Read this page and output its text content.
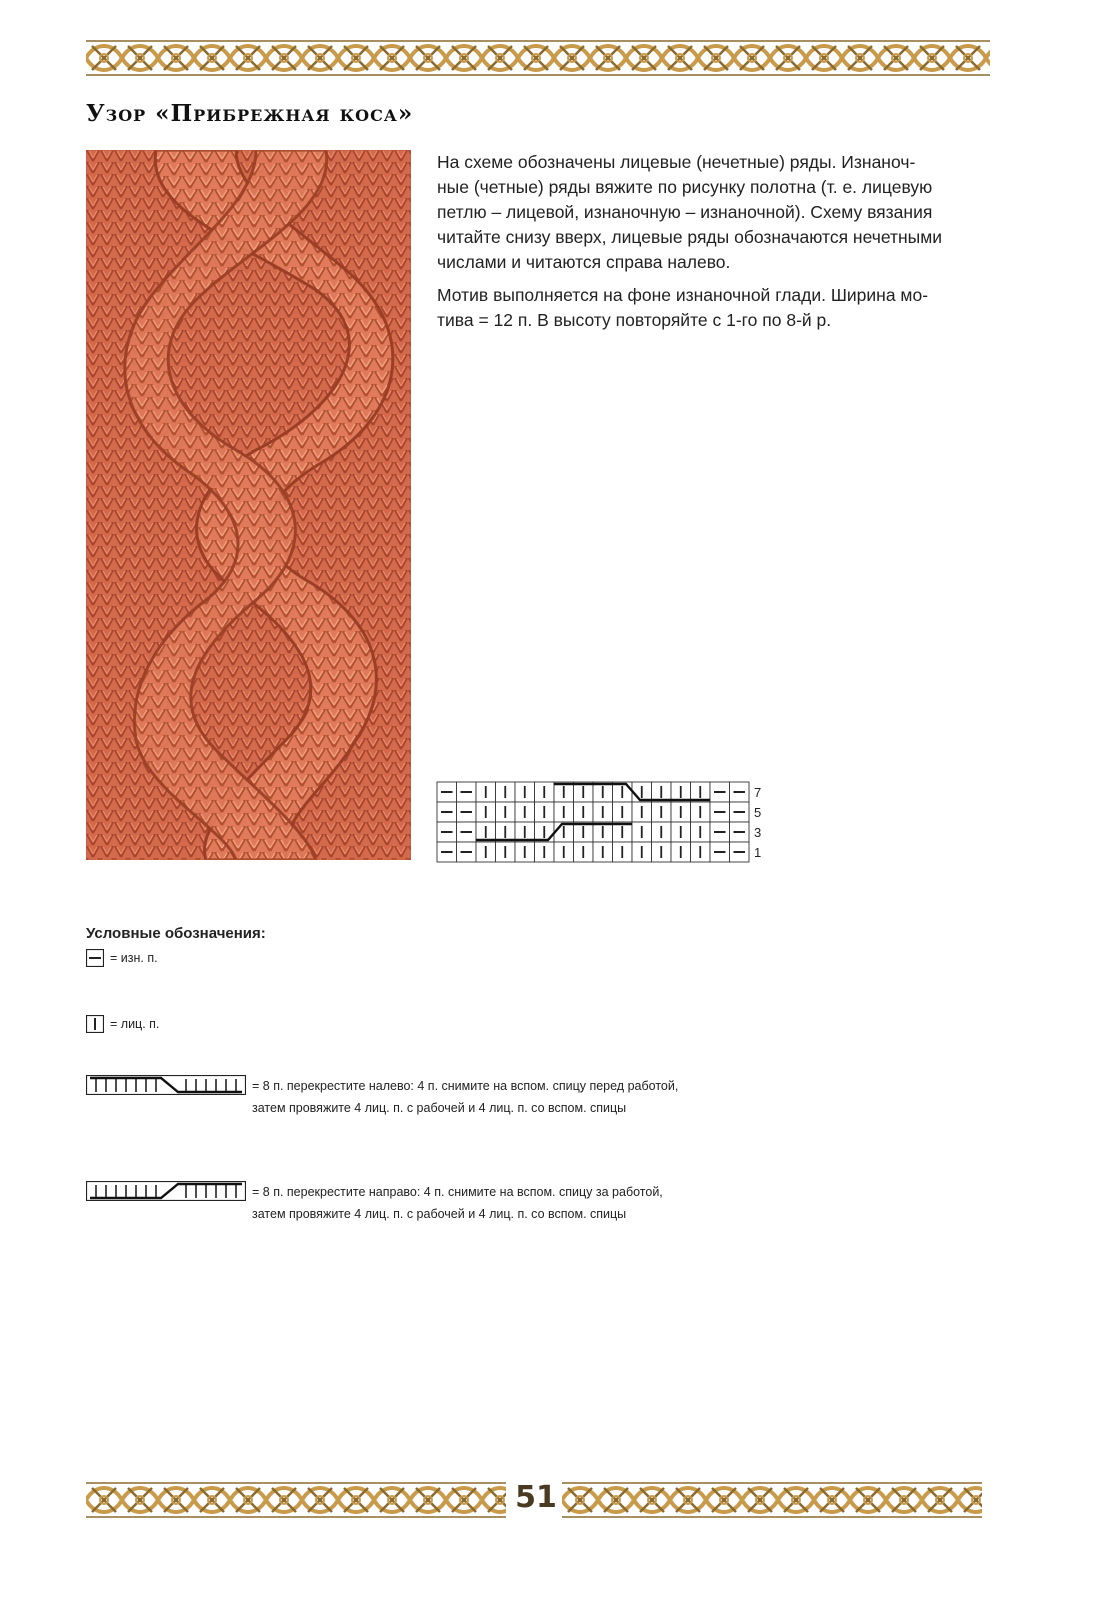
Узор «Прибрежная коса»

На схеме обозначены лицевые (нечетные) ряды. Изнаноч-
ные (четные) ряды вяжите по рисунку полотна (т. е. лицевую
петлю – лицевой, изнаночную – изнаночной). Схему вязания
читайте снизу вверх, лицевые ряды обозначаются нечетными
числами и читаются справа налево.

Мотив выполняется на фоне изнаночной глади. Ширина мо-
тива = 12 п. В высоту повторяйте с 1-го по 8-й р.

7
5
3
1
Условные обозначения:
= изн. п.
= лиц. п.
= 8 п. перекрестите налево: 4 п. снимите на вспом. спицу перед работой,
затем провяжите 4 лиц. п. с рабочей и 4 лиц. п. со вспом. спицы
= 8 п. перекрестите направо: 4 п. снимите на вспом. спицу за работой,
затем провяжите 4 лиц. п. с рабочей и 4 лиц. п. со вспом. спицы
51
